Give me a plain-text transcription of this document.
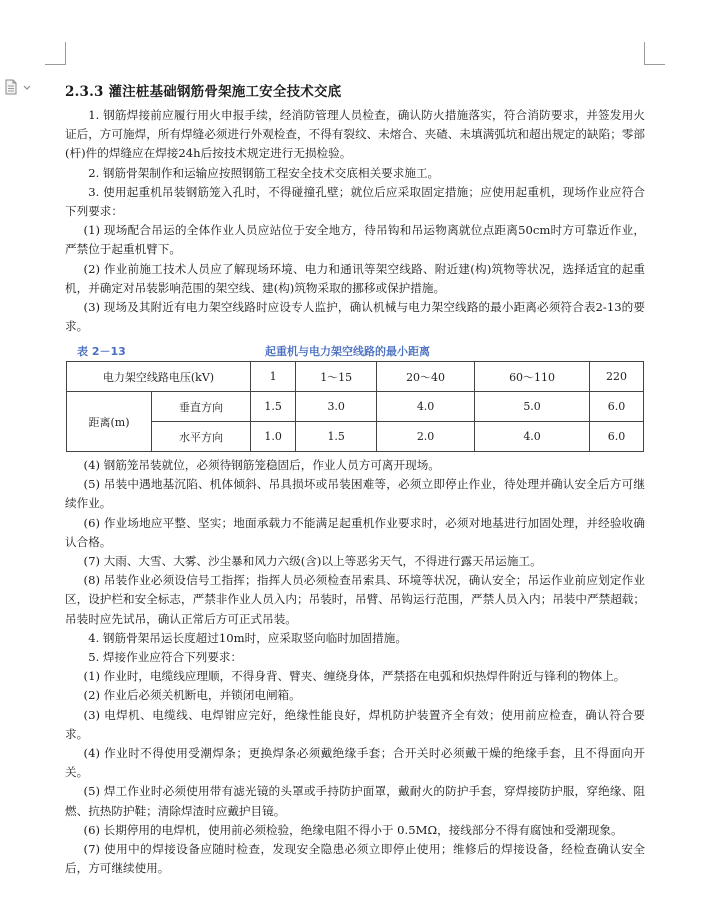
2.3.3 灌注桩基础钢筋骨架施工安全技术交底

1. 钢筋焊接前应履行用火申报手续，经消防管理人员检查，确认防火措施落实，符合消防要求，并签发用火证后，方可施焊，所有焊缝必须进行外观检查，不得有裂纹、未熔合、夹碴、未填满弧坑和超出规定的缺陷；零部(杆)件的焊缝应在焊接24h后按技术规定进行无损检验。

2. 钢筋骨架制作和运输应按照钢筋工程安全技术交底相关要求施工。

3. 使用起重机吊装钢筋笼入孔时，不得碰撞孔壁；就位后应采取固定措施；应使用起重机，现场作业应符合下列要求：

(1) 现场配合吊运的全体作业人员应站位于安全地方，待吊钩和吊运物离就位点距离50cm时方可靠近作业，严禁位于起重机臂下。

(2) 作业前施工技术人员应了解现场环境、电力和通讯等架空线路、附近建(构)筑物等状况，选择适宜的起重机，并确定对吊装影响范围的架空线、建(构)筑物采取的挪移或保护措施。

(3) 现场及其附近有电力架空线路时应设专人监护，确认机械与电力架空线路的最小距离必须符合表2-13的要求。

表 2－13	起重机与电力架空线路的最小距离
电力架空线路电压(kV)		1	1～15	20～40	60～110	220
距离(m)	垂直方向	1.5	3.0	4.0	5.0	6.0
	水平方向	1.0	1.5	2.0	4.0	6.0

(4) 钢筋笼吊装就位，必须待钢筋笼稳固后，作业人员方可离开现场。

(5) 吊装中遇地基沉陷、机体倾斜、吊具损坏或吊装困难等，必须立即停止作业，待处理并确认安全后方可继续作业。

(6) 作业场地应平整、坚实；地面承载力不能满足起重机作业要求时，必须对地基进行加固处理，并经验收确认合格。

(7) 大雨、大雪、大雾、沙尘暴和风力六级(含)以上等恶劣天气，不得进行露天吊运施工。

(8) 吊装作业必须设信号工指挥；指挥人员必须检查吊索具、环境等状况，确认安全；吊运作业前应划定作业区，设护栏和安全标志，严禁非作业人员入内；吊装时，吊臂、吊钩运行范围，严禁人员入内；吊装中严禁超载；吊装时应先试吊，确认正常后方可正式吊装。

4. 钢筋骨架吊运长度超过10m时，应采取竖向临时加固措施。

5. 焊接作业应符合下列要求：

(1) 作业时，电缆线应理顺，不得身背、臂夹、缠绕身体，严禁搭在电弧和炽热焊件附近与锋利的物体上。

(2) 作业后必须关机断电，并锁闭电闸箱。

(3) 电焊机、电缆线、电焊钳应完好，绝缘性能良好，焊机防护装置齐全有效；使用前应检查，确认符合要求。

(4) 作业时不得使用受潮焊条；更换焊条必须戴绝缘手套；合开关时必须戴干燥的绝缘手套，且不得面向开关。

(5) 焊工作业时必须使用带有滤光镜的头罩或手持防护面罩，戴耐火的防护手套，穿焊接防护服，穿绝缘、阻燃、抗热防护鞋；清除焊渣时应戴护目镜。

(6) 长期停用的电焊机，使用前必须检验，绝缘电阻不得小于 0.5MΩ，接线部分不得有腐蚀和受潮现象。

(7) 使用中的焊接设备应随时检查，发现安全隐患必须立即停止使用；维修后的焊接设备，经检查确认安全后，方可继续使用。
